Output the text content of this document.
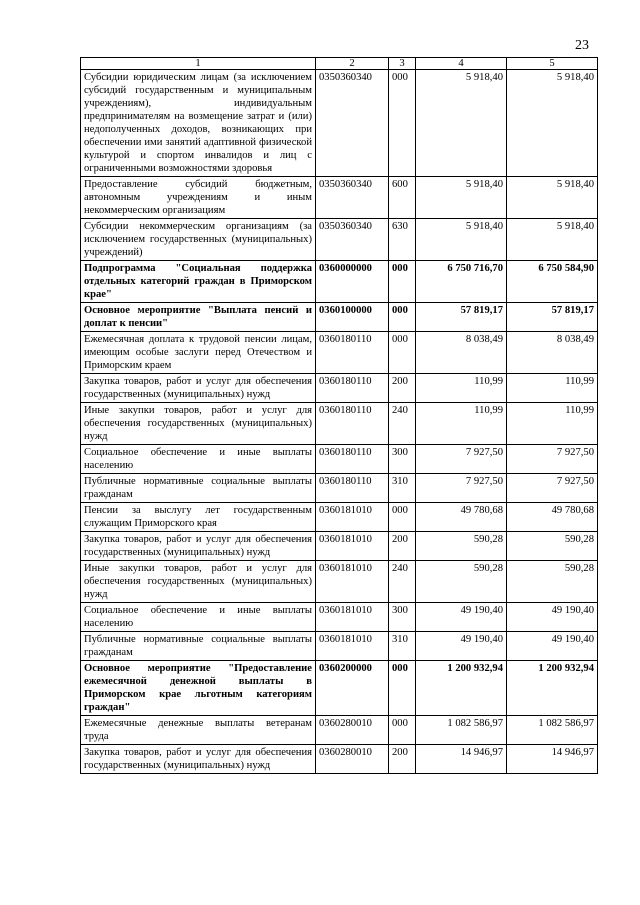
23
1	2	3	4	5
Субсидии юридическим лицам (за исключением субсидий государственным и муниципальным учреждениям), индивидуальным предпринимателям на возмещение затрат и (или) недополученных доходов, возникающих при обеспечении ими занятий адаптивной физической культурой и спортом инвалидов и лиц с ограниченными возможностями здоровья	0350360340	000	5 918,40	5 918,40
Предоставление субсидий бюджетным, автономным учреждениям и иным некоммерческим организациям	0350360340	600	5 918,40	5 918,40
Субсидии некоммерческим организациям (за исключением государственных (муниципальных) учреждений)	0350360340	630	5 918,40	5 918,40
Подпрограмма "Социальная поддержка отдельных категорий граждан в Приморском крае"	0360000000	000	6 750 716,70	6 750 584,90
Основное мероприятие "Выплата пенсий и доплат к пенсии"	0360100000	000	57 819,17	57 819,17
Ежемесячная доплата к трудовой пенсии лицам, имеющим особые заслуги перед Отечеством и Приморским краем	0360180110	000	8 038,49	8 038,49
Закупка товаров, работ и услуг для обеспечения государственных (муниципальных) нужд	0360180110	200	110,99	110,99
Иные закупки товаров, работ и услуг для обеспечения государственных (муниципальных) нужд	0360180110	240	110,99	110,99
Социальное обеспечение и иные выплаты населению	0360180110	300	7 927,50	7 927,50
Публичные нормативные социальные выплаты гражданам	0360180110	310	7 927,50	7 927,50
Пенсии за выслугу лет государственным служащим Приморского края	0360181010	000	49 780,68	49 780,68
Закупка товаров, работ и услуг для обеспечения государственных (муниципальных) нужд	0360181010	200	590,28	590,28
Иные закупки товаров, работ и услуг для обеспечения государственных (муниципальных) нужд	0360181010	240	590,28	590,28
Социальное обеспечение и иные выплаты населению	0360181010	300	49 190,40	49 190,40
Публичные нормативные социальные выплаты гражданам	0360181010	310	49 190,40	49 190,40
Основное мероприятие "Предоставление ежемесячной денежной выплаты в Приморском крае льготным категориям граждан"	0360200000	000	1 200 932,94	1 200 932,94
Ежемесячные денежные выплаты ветеранам труда	0360280010	000	1 082 586,97	1 082 586,97
Закупка товаров, работ и услуг для обеспечения государственных (муниципальных) нужд	0360280010	200	14 946,97	14 946,97
